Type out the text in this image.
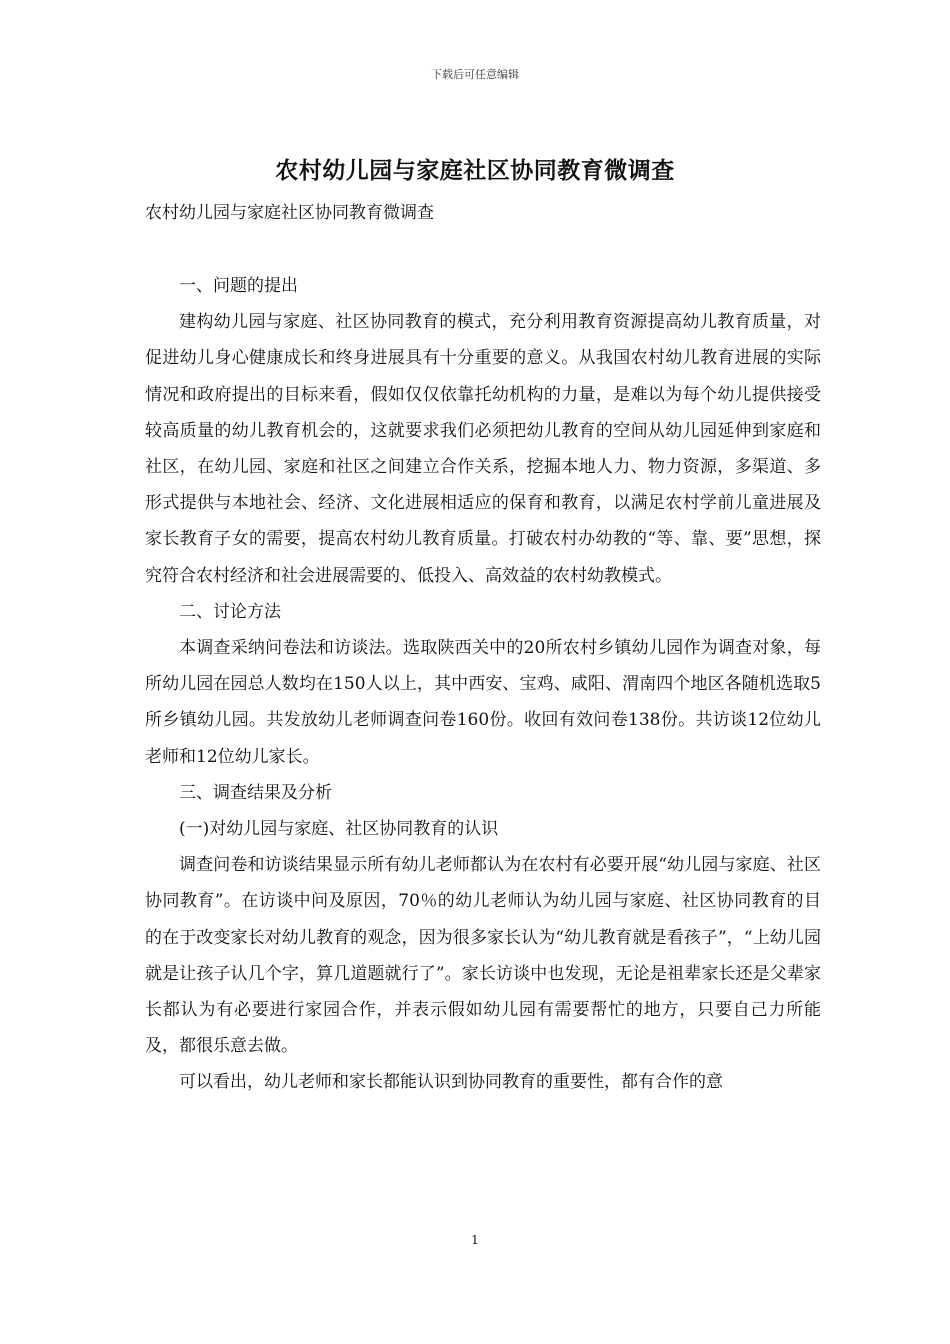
下载后可任意编辑
农村幼儿园与家庭社区协同教育微调查
农村幼儿园与家庭社区协同教育微调查

一、问题的提出

建构幼儿园与家庭、社区协同教育的模式，充分利用教育资源提高幼儿教育质量，对促进幼儿身心健康成长和终身进展具有十分重要的意义。从我国农村幼儿教育进展的实际情况和政府提出的目标来看，假如仅仅依靠托幼机构的力量，是难以为每个幼儿提供接受较高质量的幼儿教育机会的，这就要求我们必须把幼儿教育的空间从幼儿园延伸到家庭和社区，在幼儿园、家庭和社区之间建立合作关系，挖掘本地人力、物力资源，多渠道、多形式提供与本地社会、经济、文化进展相适应的保育和教育，以满足农村学前儿童进展及家长教育子女的需要，提高农村幼儿教育质量。打破农村办幼教的“等、靠、要”思想，探究符合农村经济和社会进展需要的、低投入、高效益的农村幼教模式。

二、讨论方法

本调查采纳问卷法和访谈法。选取陕西关中的20所农村乡镇幼儿园作为调查对象，每所幼儿园在园总人数均在150人以上，其中西安、宝鸡、咸阳、渭南四个地区各随机选取5所乡镇幼儿园。共发放幼儿老师调查问卷160份。收回有效问卷138份。共访谈12位幼儿老师和12位幼儿家长。

三、调查结果及分析

(一)对幼儿园与家庭、社区协同教育的认识

调查问卷和访谈结果显示所有幼儿老师都认为在农村有必要开展“幼儿园与家庭、社区协同教育”。在访谈中问及原因，70％的幼儿老师认为幼儿园与家庭、社区协同教育的目的在于改变家长对幼儿教育的观念，因为很多家长认为“幼儿教育就是看孩子”，“上幼儿园就是让孩子认几个字，算几道题就行了”。家长访谈中也发现，无论是祖辈家长还是父辈家长都认为有必要进行家园合作，并表示假如幼儿园有需要帮忙的地方，只要自己力所能及，都很乐意去做。

可以看出，幼儿老师和家长都能认识到协同教育的重要性，都有合作的意

1
